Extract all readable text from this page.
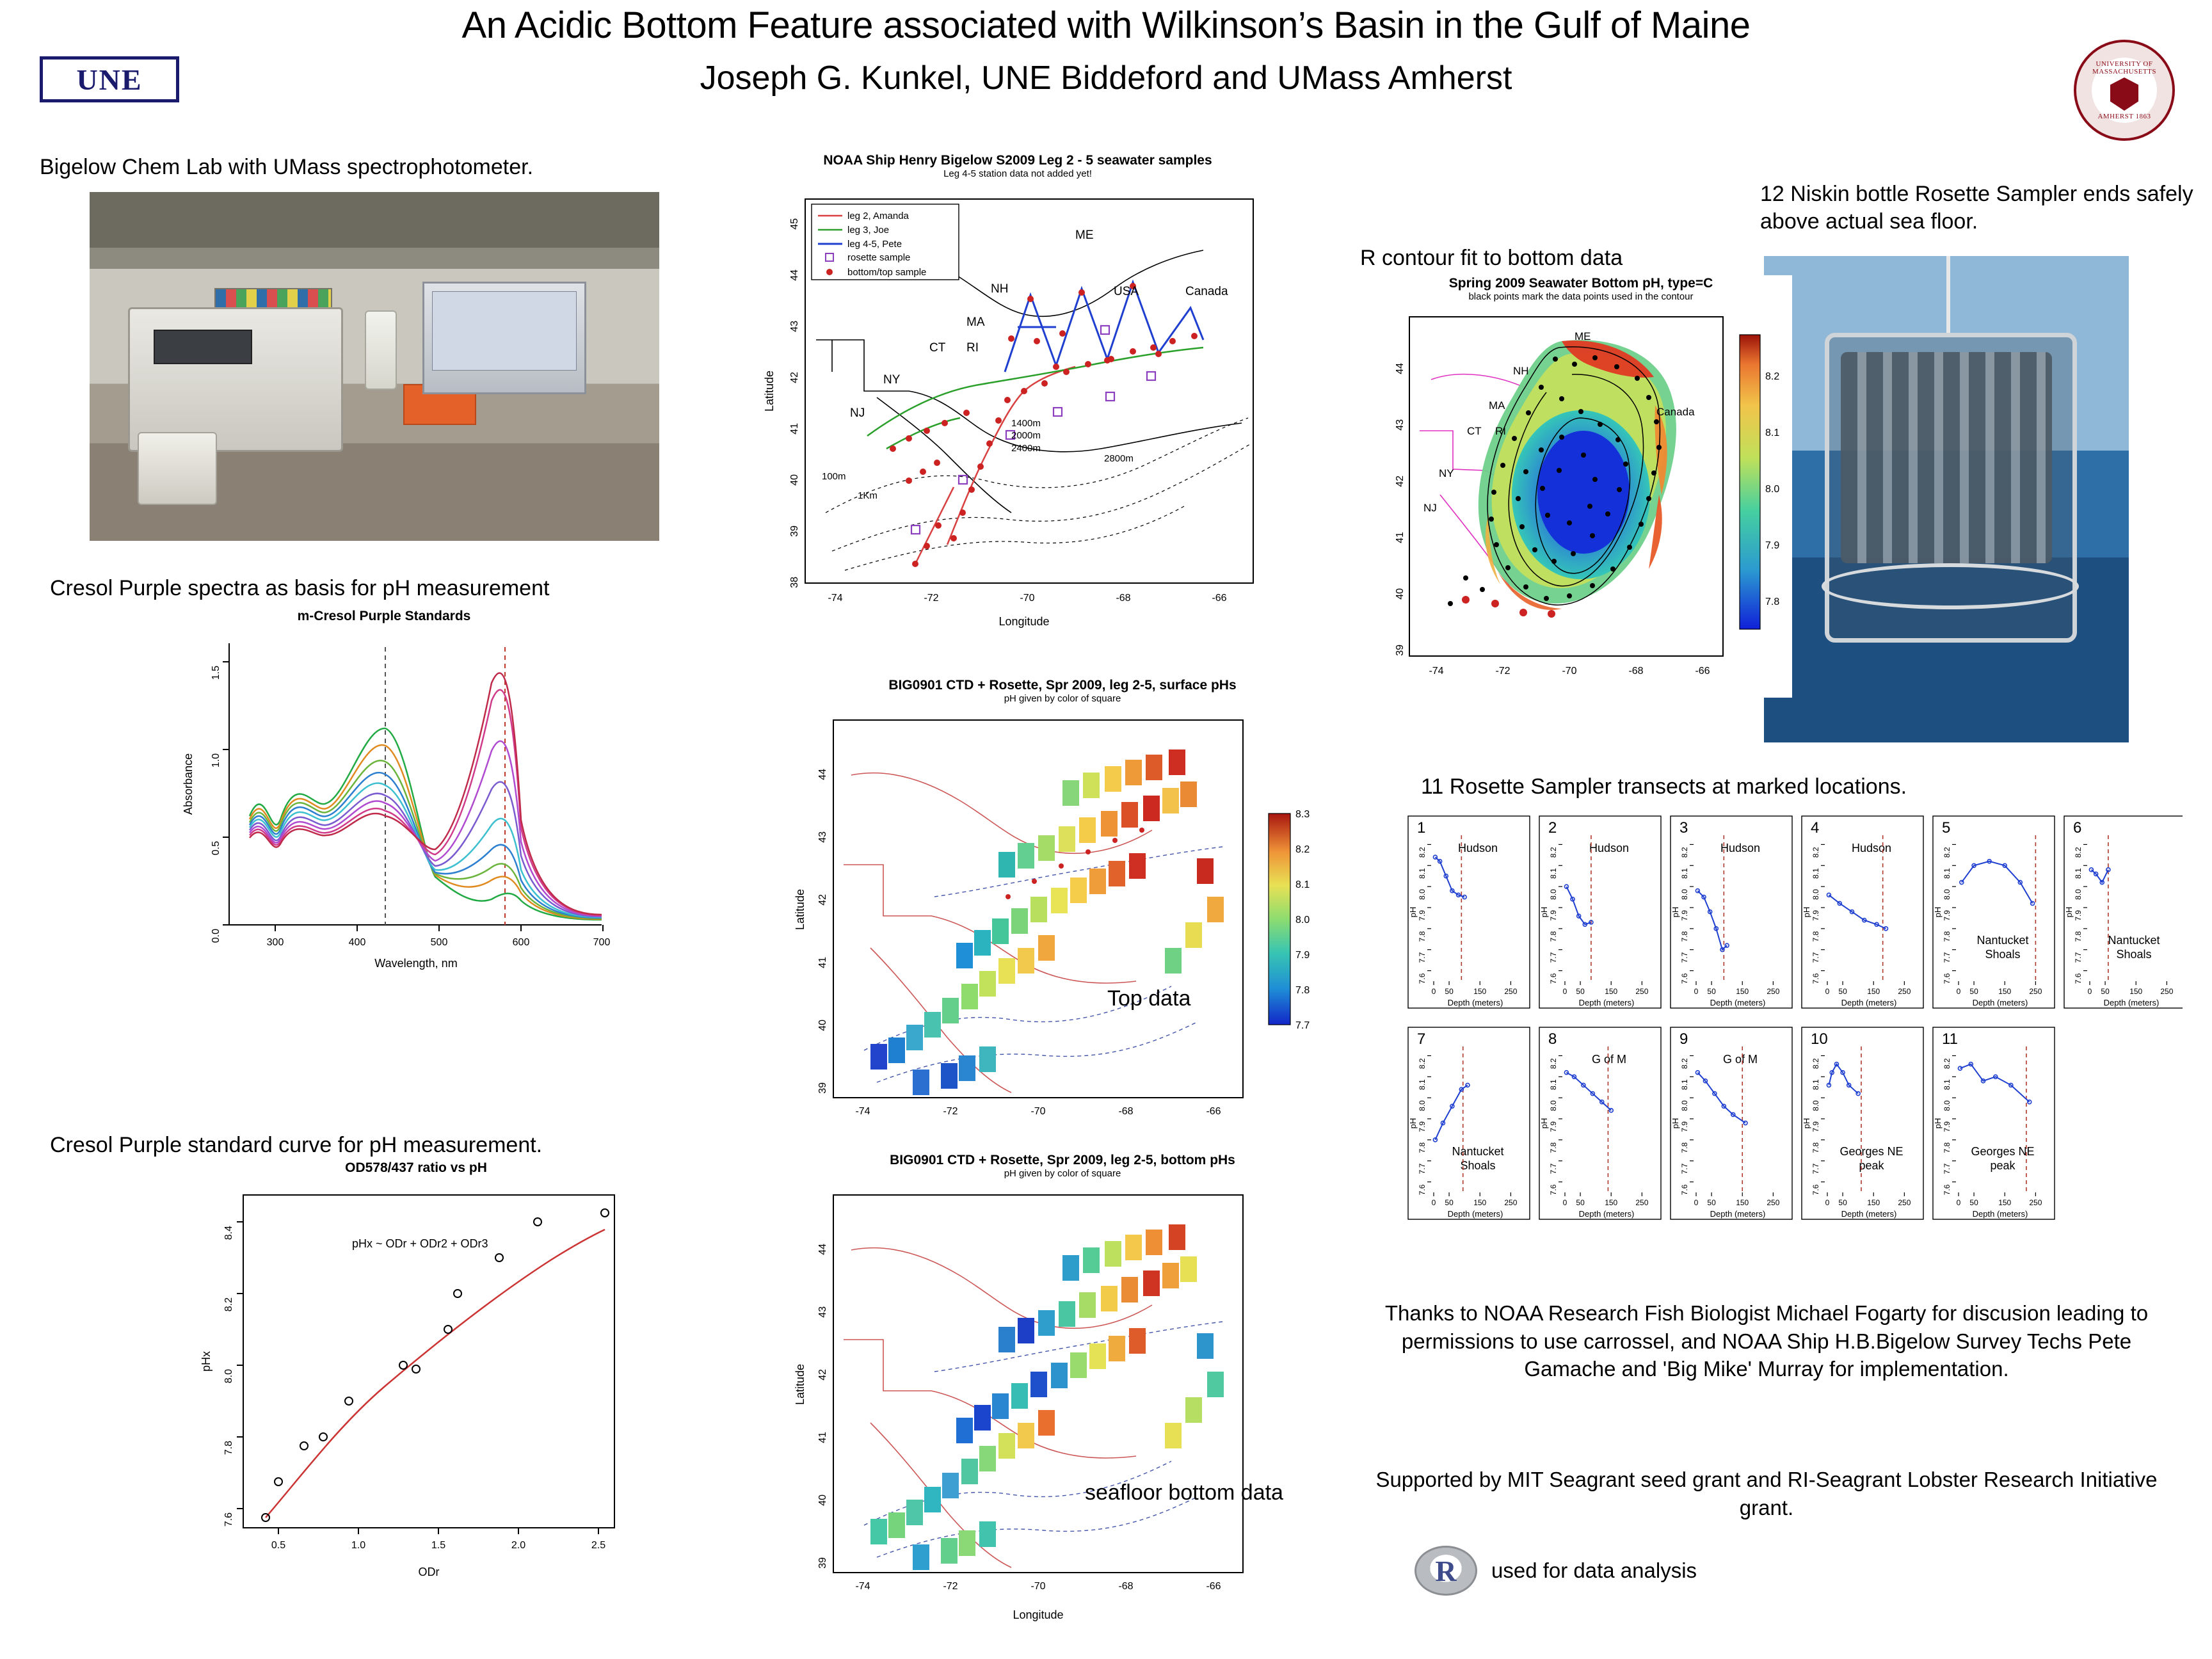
An Acidic Bottom Feature associated with Wilkinson’s Basin in the Gulf of Maine
Joseph G. Kunkel, UNE Biddeford and UMass Amherst
UNE	UNIVERSITY OF MASSACHUSETTS
AMHERST 1863
Bigelow Chem Lab with UMass spectrophotometer.
Cresol Purple spectra as basis for pH measurement
m-Cresol Purple Standards
0.0
0.5
1.0
1.5
Absorbance
300	400	500	600	700
Wavelength, nm
Cresol Purple standard curve for pH measurement.
OD578/437 ratio vs pH
pHx ~ ODr + ODr2 + ODr3
7.6
7.8
8.0
8.2
8.4
pHx
0.5	1.0	1.5	2.0	2.5
ODr
NOAA Ship Henry Bigelow S2009 Leg 2 - 5 seawater samples
Leg 4-5 station data not added yet!
ME
NH
MA
CT RI
NY
NJ
USA	Canada
1400m
2000m
2400m
2800m
100m
1Km
leg 2, Amanda
leg 3, Joe
leg 4-5, Pete
rosette sample
bottom/top sample
-74	-72	-70	-68	-66
Longitude
38
39
40
41
42
43
44
45
Latitude
BIG0901 CTD + Rosette, Spr 2009, leg 2-5, surface pHs
pH given by color of square
Top data
-74	-72	-70	-68	-66
39
40
41
42
43
44
Latitude
8.3
8.2
8.1
8.0
7.9
7.8
7.7
BIG0901 CTD + Rosette, Spr 2009, leg 2-5, bottom pHs
pH given by color of square
seafloor bottom data
-74	-72	-70	-68	-66
Longitude
39
40
41
42
43
44
Latitude
12 Niskin bottle Rosette Sampler ends safely above actual sea floor.
R contour fit to bottom data
Spring 2009 Seawater Bottom pH, type=C
black points mark the data points used in the contour
ME
NH
MA
CT RI
NY
NJ
Canada
-74	-72	-70	-68	-66
39
40
41
42
43
44
8.2
8.1
8.0
7.9
7.8
11 Rosette Sampler transects at marked locations.
1
Hudson
7.6
7.7
7.8
7.9
8.0
8.1
8.2
pH
0 50	150 250
Depth (meters)
2
Hudson
7.6
7.7
7.8
7.9
8.0
8.1
8.2
pH
0 50	150 250
Depth (meters)
3
Hudson
7.6
7.7
7.8
7.9
8.0
8.1
8.2
pH
0 50	150 250
Depth (meters)
4
Hudson
7.6
7.7
7.8
7.9
8.0
8.1
8.2
pH
0 50	150 250
Depth (meters)
5
Nantucket
Shoals
7.6
7.7
7.8
7.9
8.0
8.1
8.2
pH
0 50	150 250
Depth (meters)
6
Nantucket
Shoals
7.6
7.7
7.8
7.9
8.0
8.1
8.2
pH
0 50	150 250
Depth (meters)
7
Nantucket
Shoals
7.6
7.7
7.8
7.9
8.0
8.1
8.2
pH
0 50	150 250
Depth (meters)
8
G of M
7.6
7.7
7.8
7.9
8.0
8.1
8.2
pH
0 50	150 250
Depth (meters)
9
G of M
7.6
7.7
7.8
7.9
8.0
8.1
8.2
pH
0 50	150 250
Depth (meters)
10
Georges NE
peak
7.6
7.7
7.8
7.9
8.0
8.1
8.2
pH
0 50	150 250
Depth (meters)
11
Georges NE
peak
7.6
7.7
7.8
7.9
8.0
8.1
8.2
pH
0 50	150 250
Depth (meters)
Thanks to NOAA Research Fish Biologist Michael Fogarty for discusion leading to permissions to use carrossel, and NOAA Ship H.B.Bigelow Survey Techs Pete Gamache and 'Big Mike' Murray for implementation.
Supported by MIT Seagrant seed grant and RI-Seagrant Lobster Research Initiative grant.
R used for data analysis
